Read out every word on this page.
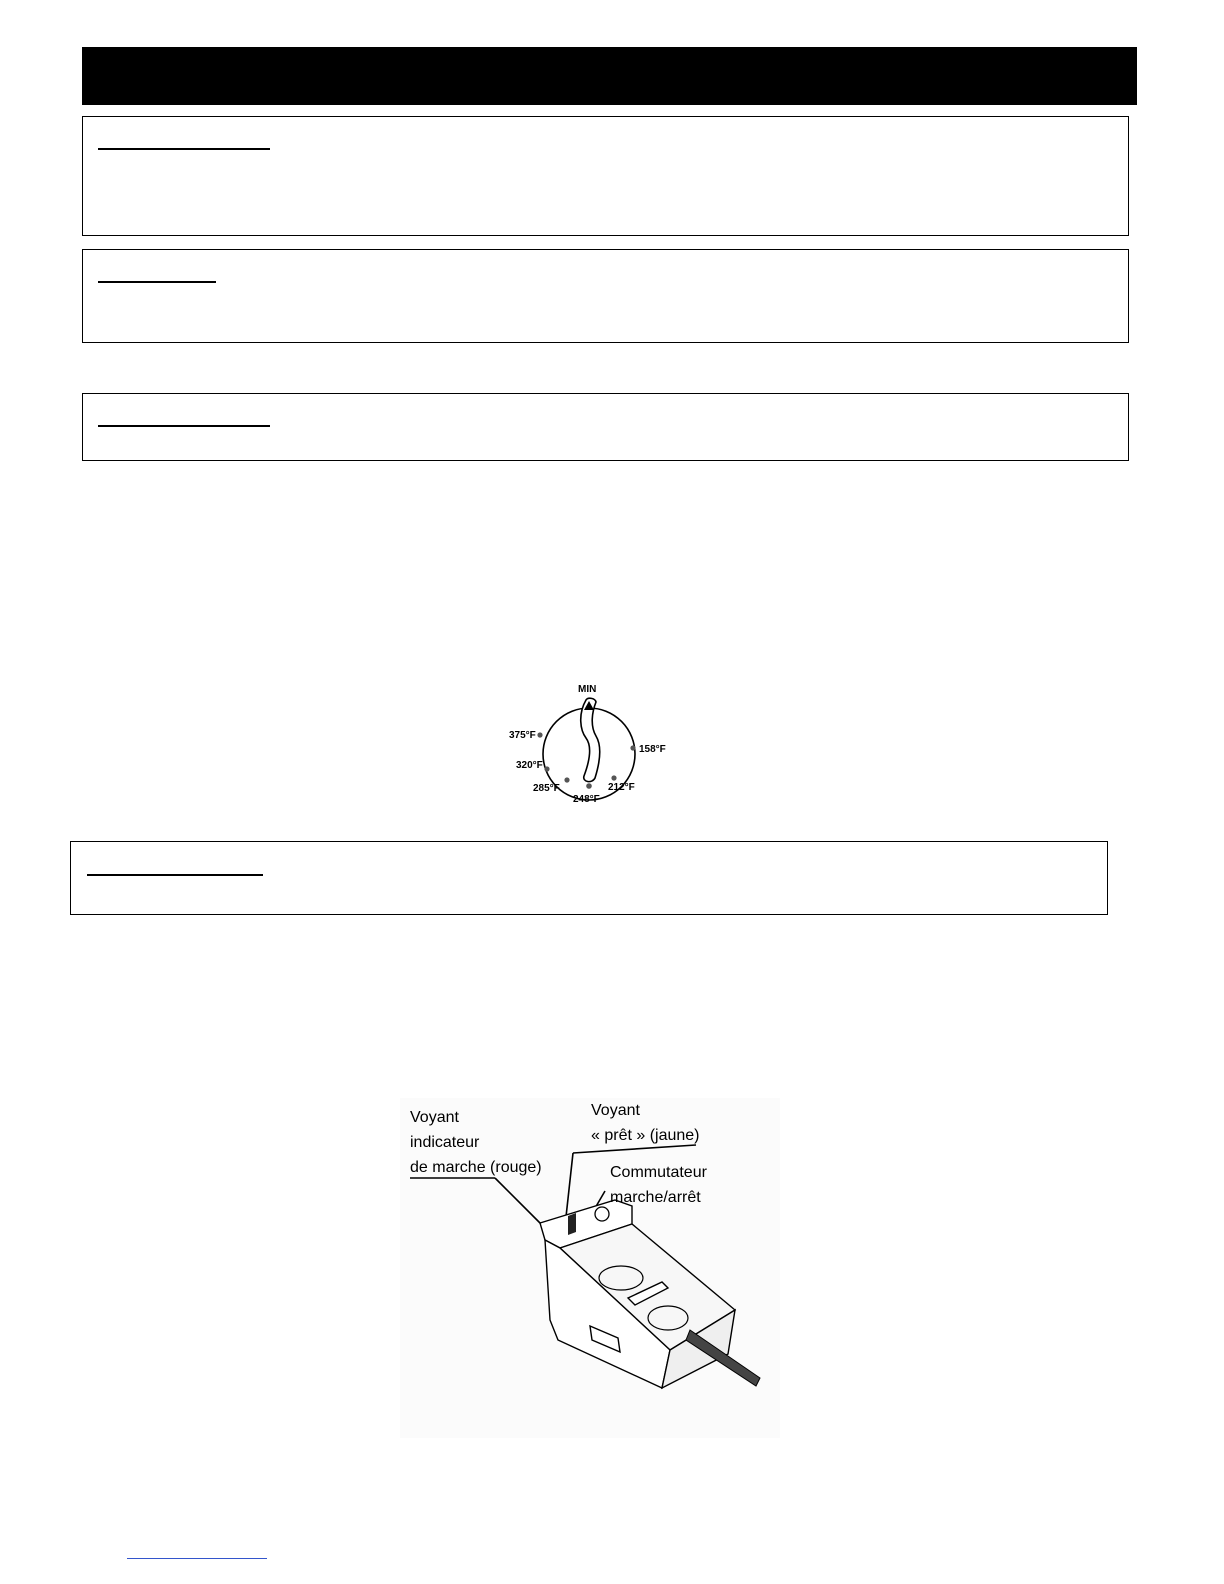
MIN
375°F
320°F
285°F
248°F
212°F
158°F
Voyant
indicateur
de marche (rouge)
Voyant
« prêt » (jaune)
Commutateur
marche/arrêt
